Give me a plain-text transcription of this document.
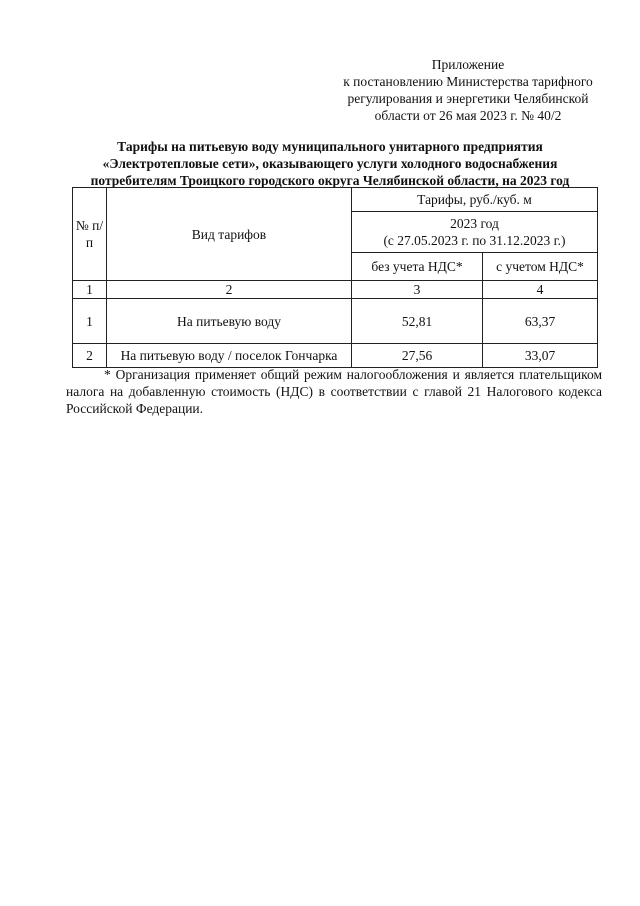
Приложение
к постановлению Министерства тарифного
регулирования и энергетики Челябинской
области от 26 мая 2023 г. № 40/2
Тарифы на питьевую воду муниципального унитарного предприятия
«Электротепловые сети», оказывающего услуги холодного водоснабжения
потребителям Троицкого городского округа Челябинской области, на 2023 год
№ п/п	Вид тарифов	Тарифы, руб./куб. м	

		2023 год
(с 27.05.2023 г. по 31.12.2023 г.)	

		без учета НДС*	с учетом НДС*
1	2	3	4
1	На питьевую воду	52,81	63,37
2	На питьевую воду / поселок Гончарка	27,56	33,07
* Организация применяет общий режим налогообложения и является плательщиком налога на добавленную стоимость (НДС) в соответствии с главой 21 Налогового кодекса Российской Федерации.
